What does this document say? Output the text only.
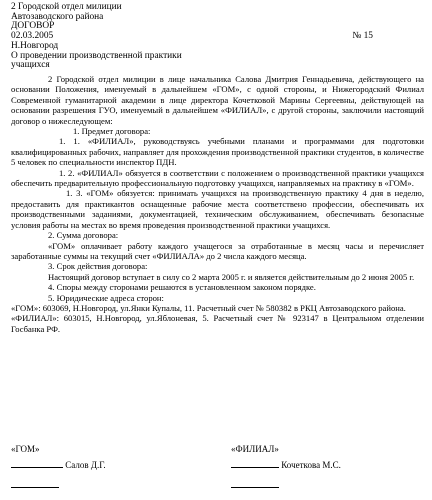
2 Городской отдел милиции
Автозаводского района
ДОГОВОР
02.03.2005	№ 15
Н.Новгород
О проведении производственной практики
учащихся

2 Городской отдел милиции в лице начальника Салова Дмитрия Геннадьевича, действующего на основании Положения, именуемый в дальнейшем «ГОМ», с одной стороны, и Нижегородский Филиал Современной гуманитарной академии в лице директора Кочетковой Марины Сергеевны, действующей на основании разрешения ГУО, именуемый в дальнейшем «ФИЛИАЛ», с другой стороны, заключили настоящий договор о нижеследующем:

1. Предмет договора:

1. 1. «ФИЛИАЛ», руководствуясь учебными планами и программами для подготовки квалифицированных рабочих, направляет для прохождения производственной практики студентов, в количестве 5 человек по специальности инспектор ПДН.

1. 2. «ФИЛИАЛ» обязуется в соответствии с положением о производственной практики учащихся обеспечить предварительную профессиональную подготовку учащихся, направляемых на практику в «ГОМ».

1. 3. «ГОМ» обязуется: принимать учащихся на производственную практику 4 дня в неделю, предоставить для практикантов оснащенные рабочие места соответствено профессии, обеспечивать их производственными заданиями, документацией, техническим обслуживанием, обеспечивать безопасные условия работы на местах во время проведения производственной практики учащихся.

2. Сумма договора:

«ГОМ» оплачивает работу каждого учащегося за отработанные в месяц часы и перечисляет заработанные суммы на текущий счет «ФИЛИАЛА» до 2 числа каждого месяца.

3. Срок действия договора:

Настоящий договор вступает в силу со 2 марта 2005 г. и является действительным до 2 июня 2005 г.

4. Споры между сторонами решаются в установленном законом порядке.

5. Юридические адреса сторон:

«ГОМ»: 603069, Н.Новгород, ул.Янки Купалы, 11. Расчетный счет № 580382 в РКЦ Автозаводского района.

«ФИЛИАЛ»: 603015, Н.Новгород, ул.Яблоневая, 5. Расчетный счет № 923147 в Центральном отделении Госбанка РФ.

«ГОМ»
Салов Д.Г.
«ФИЛИАЛ»
Кочеткова М.С.
